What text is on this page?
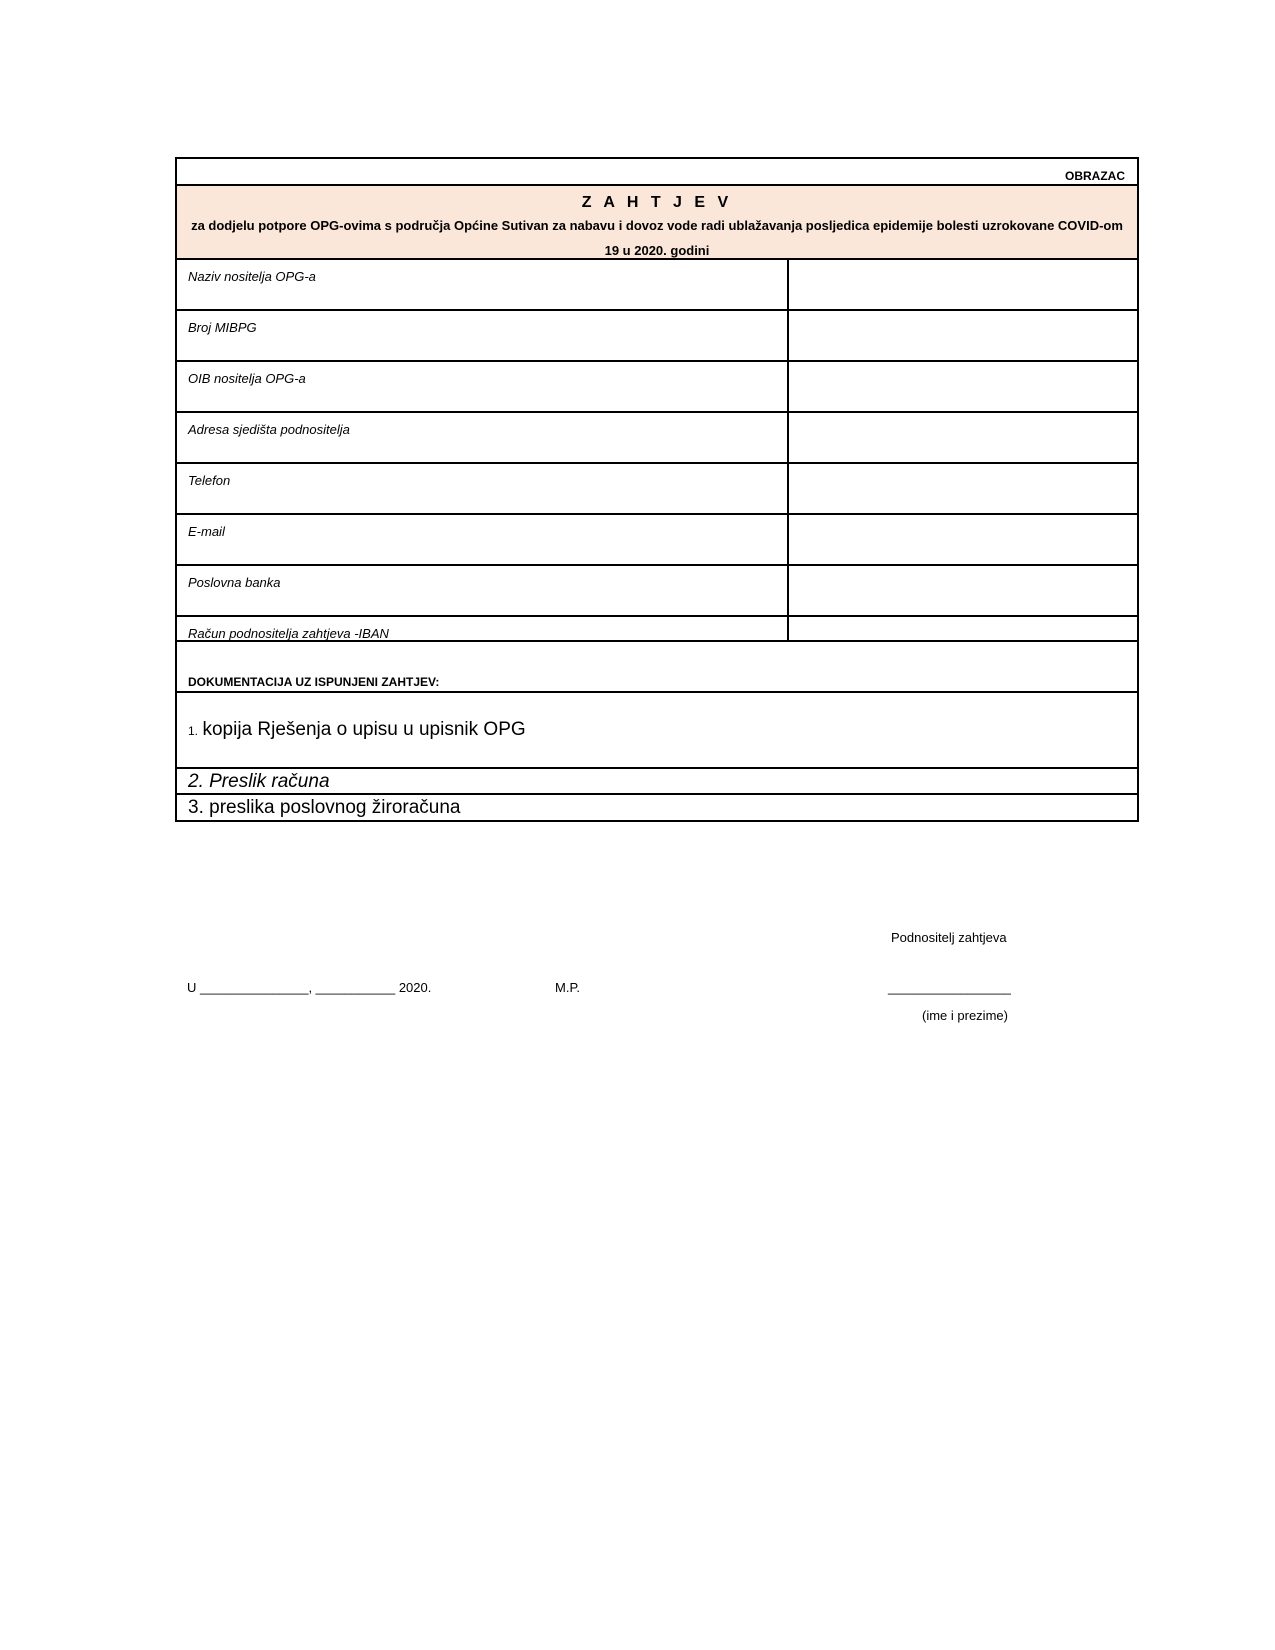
OBRAZAC
Z A H T J E V
za dodjelu potpore OPG-ovima s područja Općine Sutivan za nabavu i dovoz vode radi ublažavanja posljedica epidemije bolesti uzrokovane COVID-om 19 u 2020. godini
Naziv nositelja OPG-a
Broj MIBPG
OIB nositelja OPG-a
Adresa sjedišta podnositelja
Telefon
E-mail
Poslovna banka
Račun podnositelja zahtjeva -IBAN
DOKUMENTACIJA UZ ISPUNJENI ZAHTJEV:
1. kopija Rješenja o upisu u upisnik OPG
2. Preslik računa
3. preslika poslovnog žiroračuna
Podnositelj zahtjeva
U _______________, ___________ 2020.	M.P.	_________________
(ime i prezime)
